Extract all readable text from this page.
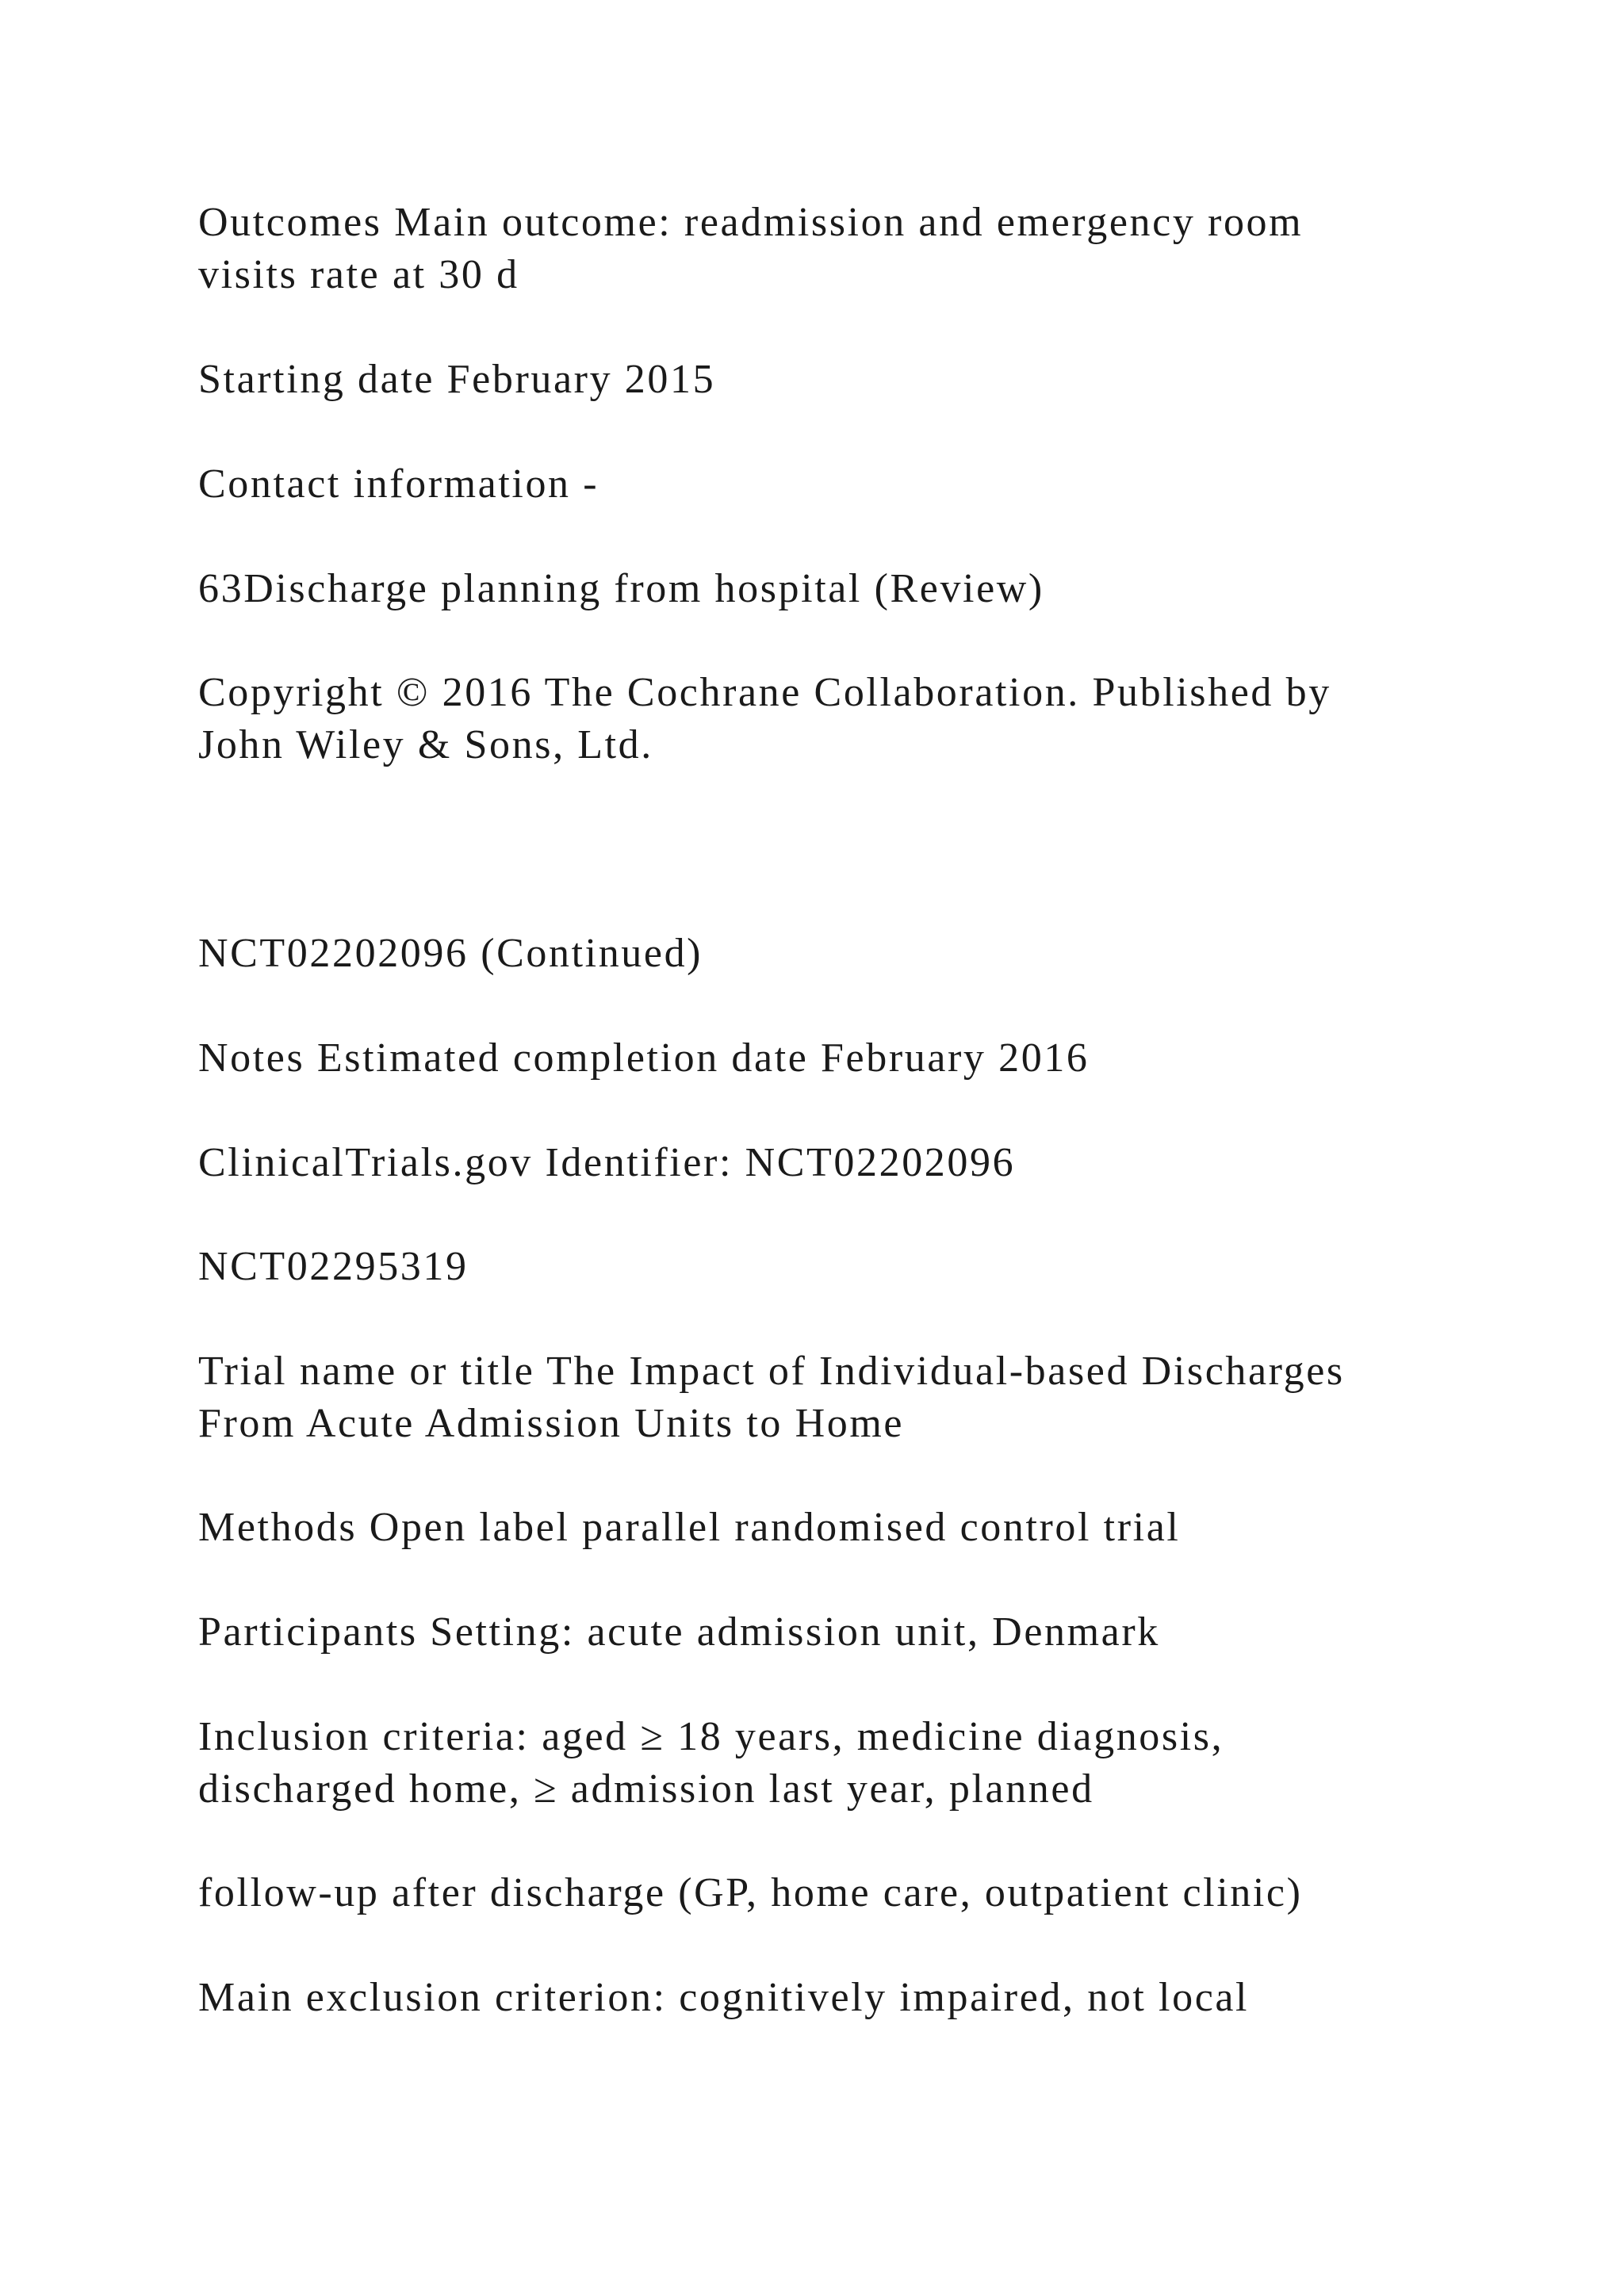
Outcomes Main outcome: readmission and emergency room
visits rate at 30 d

Starting date February 2015

Contact information -

63Discharge planning from hospital (Review)

Copyright © 2016 The Cochrane Collaboration. Published by
John Wiley & Sons, Ltd.

NCT02202096 (Continued)

Notes Estimated completion date February 2016

ClinicalTrials.gov Identifier: NCT02202096

NCT02295319

Trial name or title The Impact of Individual-based Discharges
From Acute Admission Units to Home

Methods Open label parallel randomised control trial

Participants Setting: acute admission unit, Denmark

Inclusion criteria: aged ≥ 18 years, medicine diagnosis,
discharged home, ≥ admission last year, planned

follow-up after discharge (GP, home care, outpatient clinic)

Main exclusion criterion: cognitively impaired, not local
